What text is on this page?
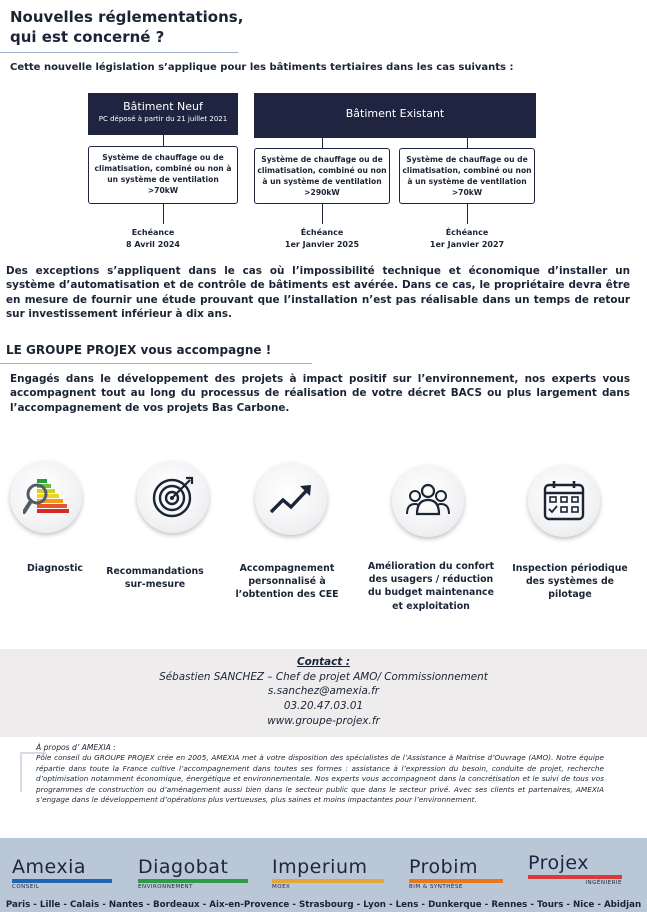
Nouvelles réglementations,
qui est concerné ?
Cette nouvelle législation s’applique pour les bâtiments tertiaires dans les cas suivants :
Bâtiment Neuf
PC déposé à partir du 21 juillet 2021	Bâtiment Existant
Système de chauffage ou de climatisation, combiné ou non à un système de ventilation
>70kW
Système de chauffage ou de climatisation, combiné ou non à un système de ventilation
>290kW
Système de chauffage ou de climatisation, combiné ou non à un système de ventilation
>70kW
Echéance
8 Avril 2024
Échéance
1er Janvier 2025
Échéance
1er Janvier 2027
Des exceptions s’appliquent dans le cas où l’impossibilité technique et économique d’installer un système d’automatisation et de contrôle de bâtiments est avérée. Dans ce cas, le propriétaire devra être en mesure de fournir une étude prouvant que l’installation n’est pas réalisable dans un temps de retour sur investissement inférieur à dix ans.
LE GROUPE PROJEX vous accompagne !
Engagés dans le développement des projets à impact positif sur l’environnement, nos experts vous accompagnent tout au long du processus de réalisation de votre décret BACS ou plus largement dans l’accompagnement de vos projets Bas Carbone.
Diagnostic	Recommandations sur-mesure
Accompagnement personnalisé à l’obtention des CEE
Amélioration du confort des usagers / réduction du budget maintenance et exploitation
Inspection périodique des systèmes de pilotage
Contact :
Sébastien SANCHEZ – Chef de projet AMO/ Commissionnement
s.sanchez@amexia.fr
03.20.47.03.01
www.groupe-projex.fr
À propos d’ AMEXIA :
Pôle conseil du GROUPE PROJEX crée en 2005, AMEXIA met à votre disposition des spécialistes de l’Assistance à Maitrise d’Ouvrage (AMO). Notre équipe répartie dans toute la France cultive l’accompagnement dans toutes ses formes : assistance à l’expression du besoin, conduite de projet, recherche d’optimisation notamment économique, énergétique et environnementale. Nos experts vous accompagnent dans la concrétisation et le suivi de tous vos programmes de construction ou d’aménagement aussi bien dans le secteur public que dans le secteur privé. Avec ses clients et partenaires, AMEXIA s’engage dans le développement d’opérations plus vertueuses, plus saines et moins impactantes pour l’environnement.
Amexia
CONSEIL
Diagobat
ENVIRONNEMENT
Imperium
MOEX
Probim
BIM & SYNTHÈSE
Projex
INGÉNIERIE
Paris - Lille - Calais - Nantes - Bordeaux - Aix-en-Provence - Strasbourg - Lyon - Lens - Dunkerque - Rennes - Tours - Nice - Abidjan
